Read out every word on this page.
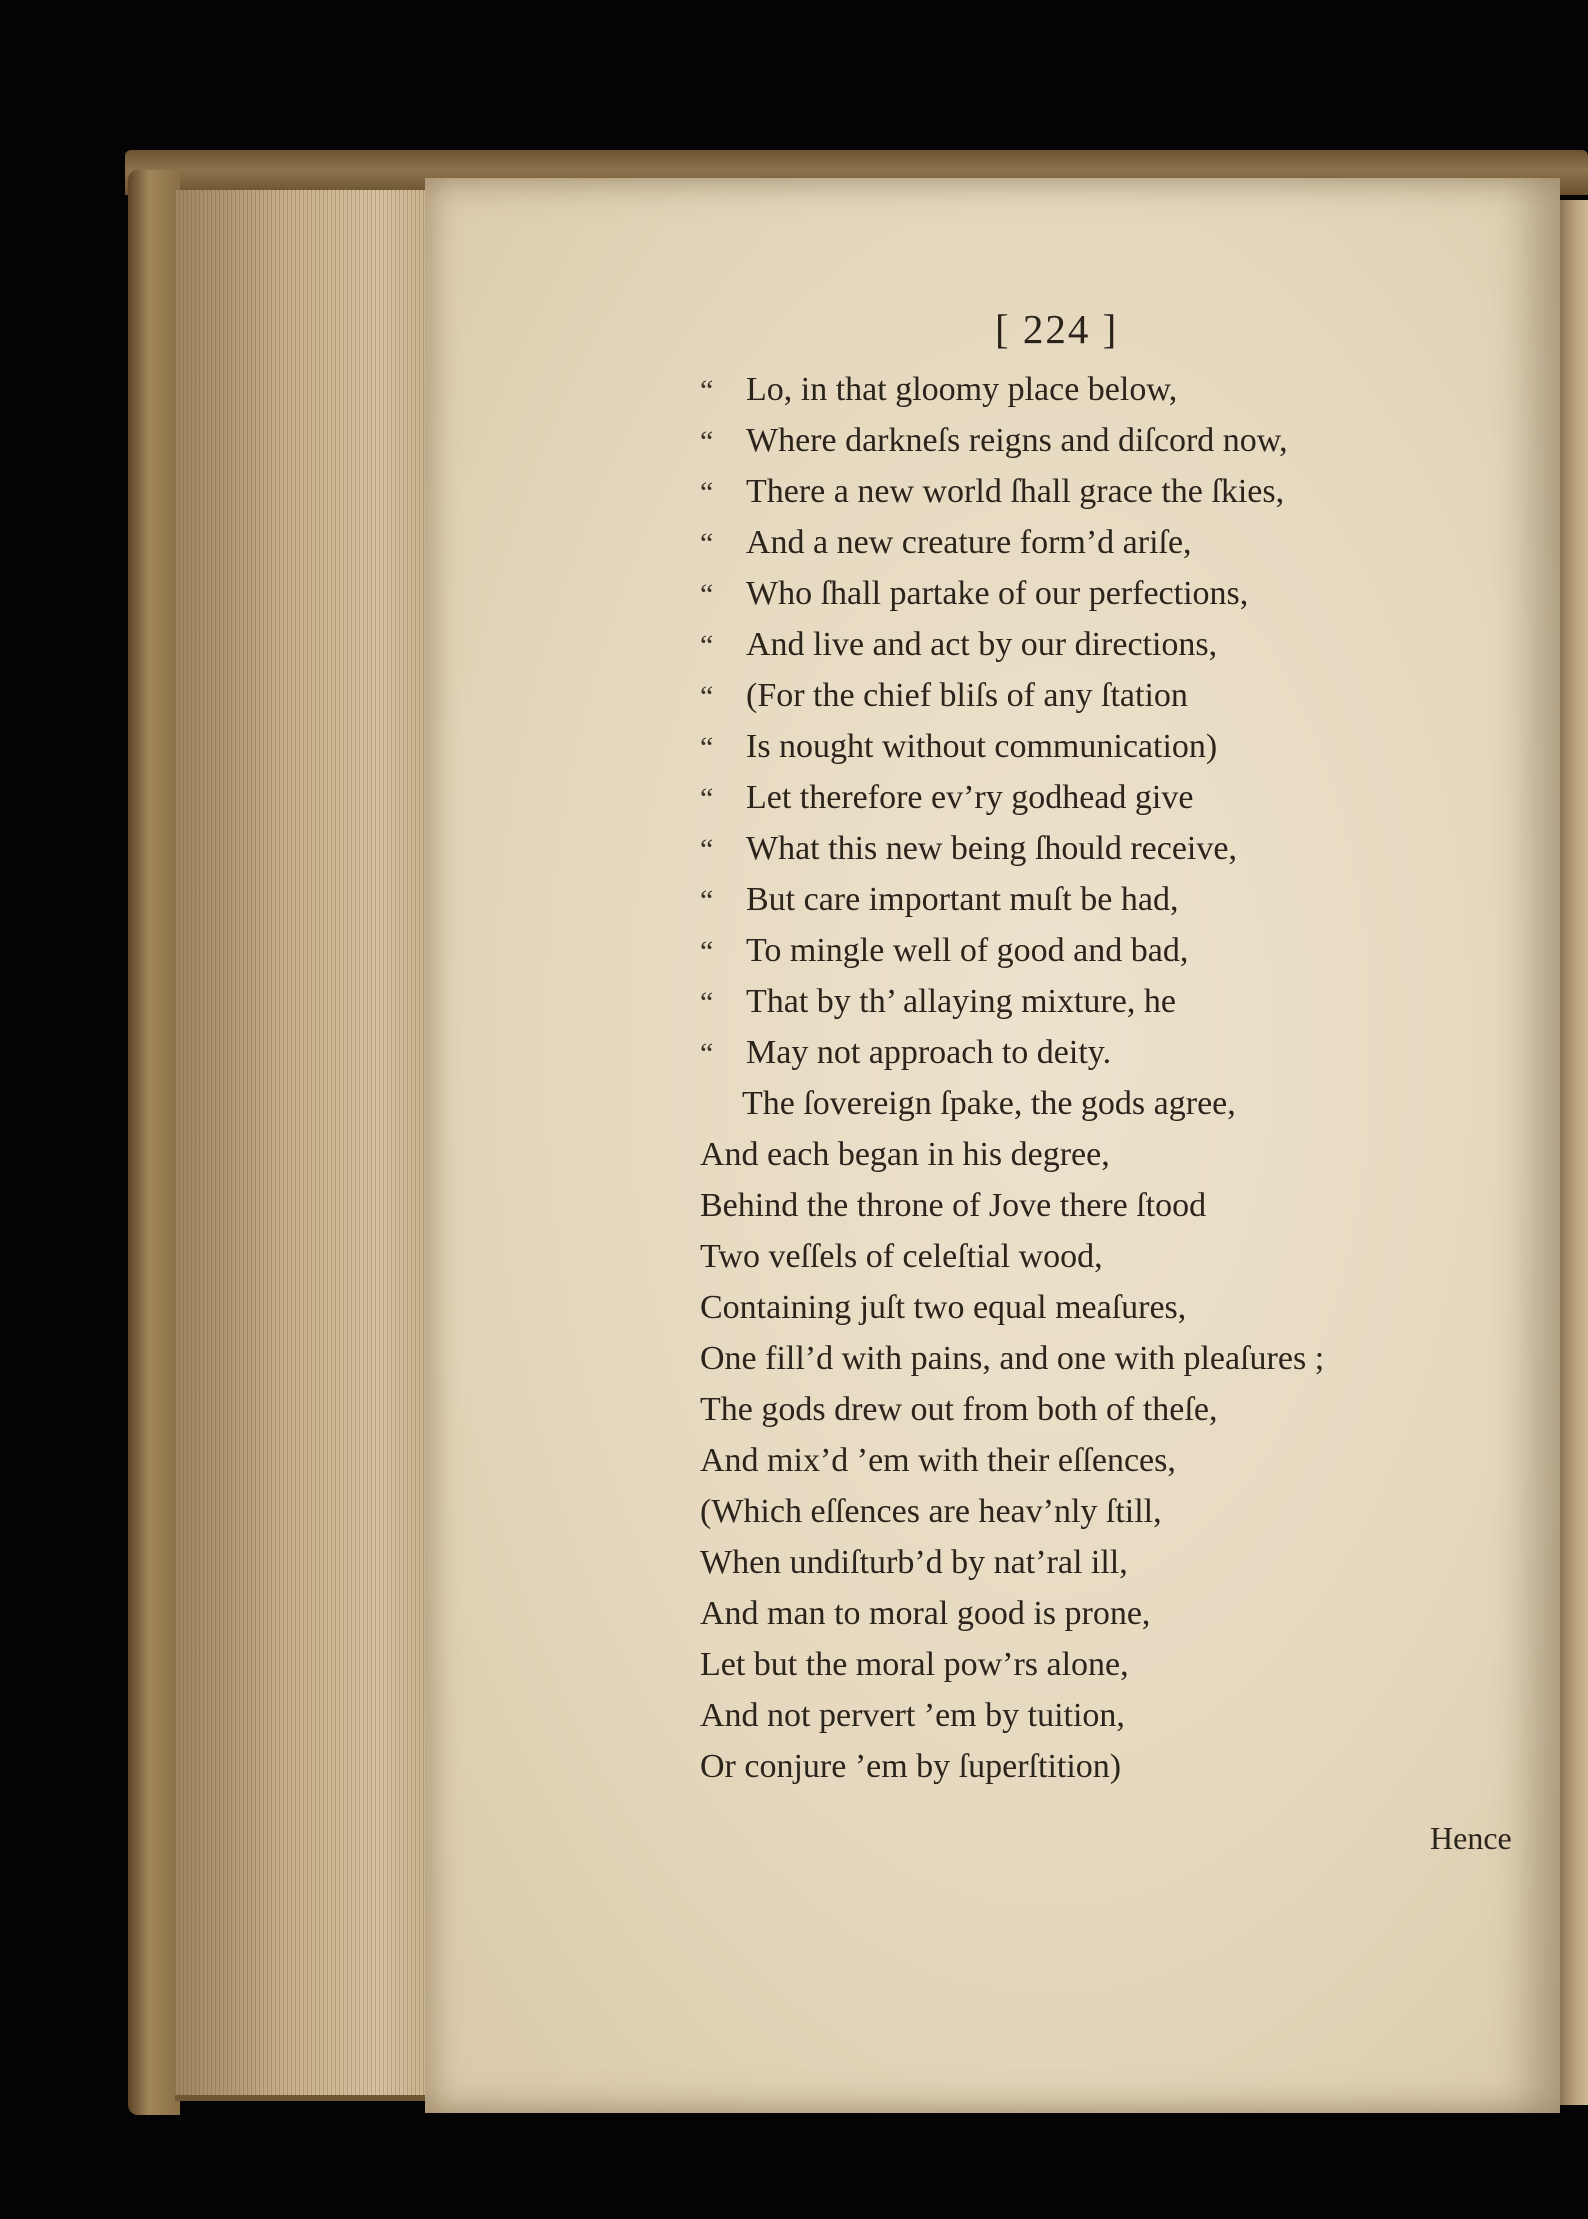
[ 224 ]
“ Lo, in that gloomy place below,
“ Where darkneſs reigns and diſcord now,
“ There a new world ſhall grace the ſkies,
“ And a new creature form’d ariſe,
“ Who ſhall partake of our perfections,
“ And live and act by our directions,
“ (For the chief bliſs of any ſtation
“ Is nought without communication)
“ Let therefore ev’ry godhead give
“ What this new being ſhould receive,
“ But care important muſt be had,
“ To mingle well of good and bad,
“ That by th’ allaying mixture, he
“ May not approach to deity.
The ſovereign ſpake, the gods agree,
And each began in his degree,
Behind the throne of Jove there ſtood
Two veſſels of celeſtial wood,
Containing juſt two equal meaſures,
One fill’d with pains, and one with pleaſures ;
The gods drew out from both of theſe,
And mix’d ’em with their eſſences,
(Which eſſences are heav’nly ſtill,
When undiſturb’d by nat’ral ill,
And man to moral good is prone,
Let but the moral pow’rs alone,
And not pervert ’em by tuition,
Or conjure ’em by ſuperſtition)
Hence
